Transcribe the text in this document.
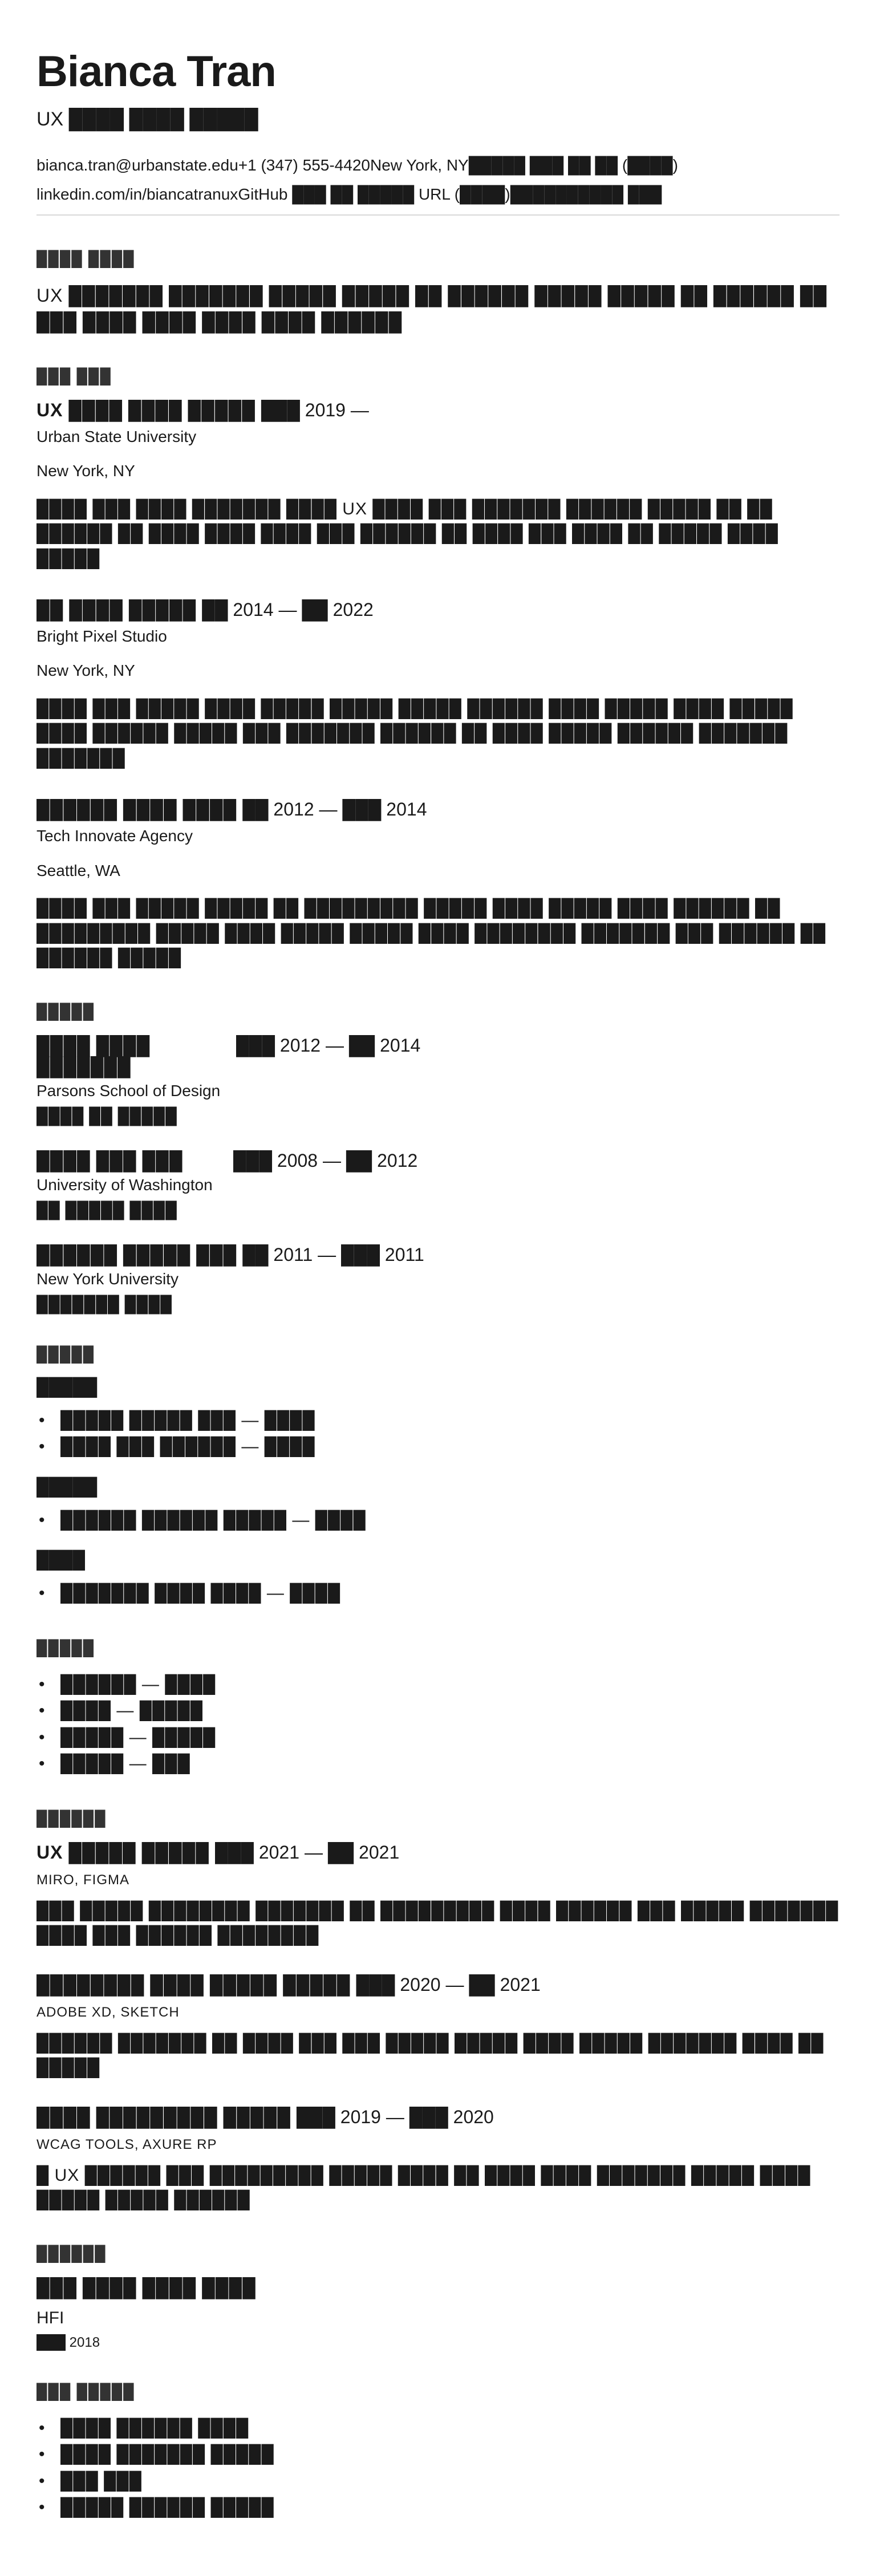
Bianca Tran
UX ████ ████ █████
bianca.tran@urbanstate.edu+1 (347) 555-4420New York, NY█████ ███ ██ ██ (████)
linkedin.com/in/biancatranuxGitHub ███ ██ █████ URL (████)██████████ ███
████ ████
UX ███████ ███████ █████ █████ ██ ██████ █████ █████ ██ ██████ ██ ███ ████ ████ ████ ████ ██████
███ ███
UX ████ ████ █████ ███ 2019 —
Urban State University
New York, NY
████ ███ ████ ███████ ████ UX ████ ███ ███████ ██████ █████ ██ ██ ██████ ██ ████ ████ ████ ███ ██████ ██ ████ ███ ████ ██ █████ ████ █████
██ ████ █████ ██ 2014 — ██ 2022
Bright Pixel Studio
New York, NY
████ ███ █████ ████ █████ █████ █████ ██████ ████ █████ ████ █████ ████ ██████ █████ ███ ███████ ██████ ██ ████ █████ ██████ ███████ ███████
██████ ████ ████ ██ 2012 — ███ 2014
Tech Innovate Agency
Seattle, WA
████ ███ █████ █████ ██ █████████ █████ ████ █████ ████ ██████ ██ █████████ █████ ████ █████ █████ ████ ████████ ███████ ███ ██████ ██ ██████ █████
█████
████ ████ ███████
███ 2012 — ██ 2014
Parsons School of Design
████ ██ █████
████ ███ ███	███ 2008 — ██ 2012
University of Washington
██ █████ ████
██████ █████ ███ ██ 2011 — ███ 2011
New York University
███████ ████
█████
█████
• █████ █████ ███ — ████
• ████ ███ ██████ — ████
█████
• ██████ ██████ █████ — ████
████
• ███████ ████ ████ — ████
█████
• ██████ — ████
• ████ — █████
• █████ — █████
• █████ — ███
██████
UX █████ █████ ███ 2021 — ██ 2021
MIRO, FIGMA
███ █████ ████████ ███████ ██ █████████ ████ ██████ ███ █████ ███████ ████ ███ ██████ ████████
████████ ████ █████ █████ ███ 2020 — ██ 2021
ADOBE XD, SKETCH
██████ ███████ ██ ████ ███ ███ █████ █████ ████ █████ ███████ ████ ██ █████
████ █████████ █████ ███ 2019 — ███ 2020
WCAG TOOLS, AXURE RP
█ UX ██████ ███ █████████ █████ ████ ██ ████ ████ ███████ █████ ████ █████ █████ ██████
██████
███ ████ ████ ████
HFI
███ 2018
███ █████
• ████ ██████ ████
• ████ ███████ █████
• ███ ███
• █████ ██████ █████
